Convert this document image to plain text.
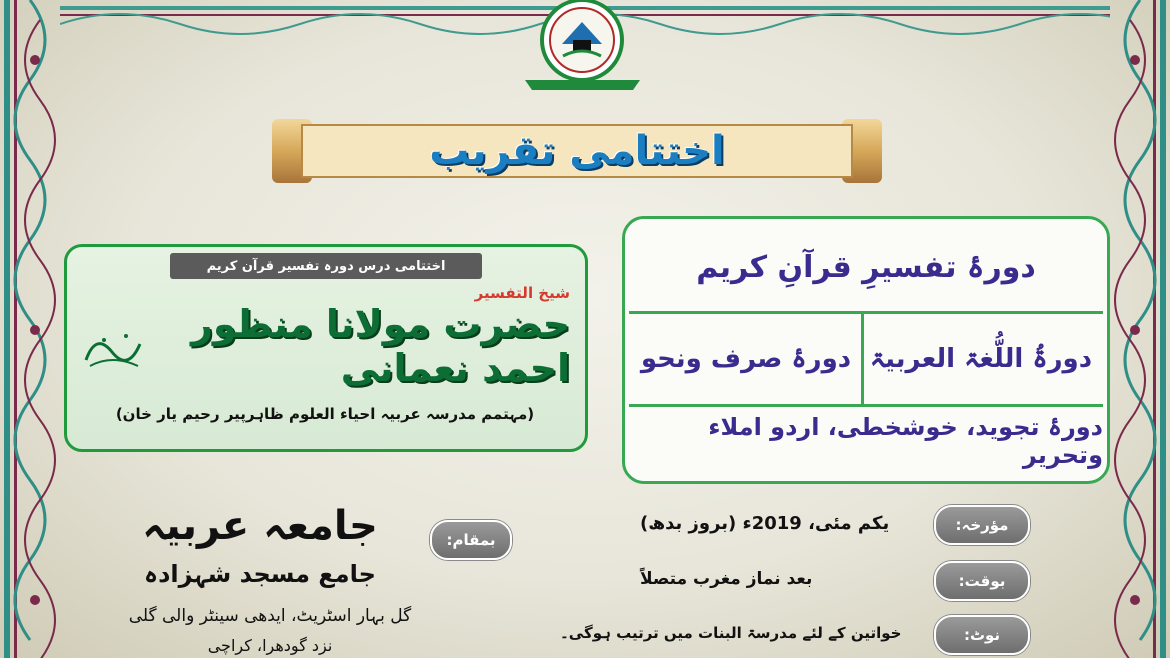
اختتامی تقریب
دورۂ تفسیرِ قرآنِ کریم
دورۃُ اللُّغۃ العربیۃ
دورۂ صرف ونحو
دورۂ تجوید، خوشخطی، اردو املاء وتحریر
اختتامی درس دورہ تفسیر قرآن کریم
شیخ التفسیر
حضرت مولانا منظور احمد نعمانی
(مہتمم مدرسہ عربیہ احیاء العلوم ظاہرپیر رحیم یار خان)
بمقام:
جامعہ عربیہ
جامع مسجد شہزادہ
گل بہار اسٹریٹ، ایدھی سینٹر والی گلی
نزد گودھرا، کراچی
مؤرخہ:
یکم مئی، 2019ء (بروز بدھ)
بوقت:
بعد نماز مغرب متصلاً
نوٹ:
خواتین کے لئے مدرسۃ البنات میں ترتیب ہوگی۔
